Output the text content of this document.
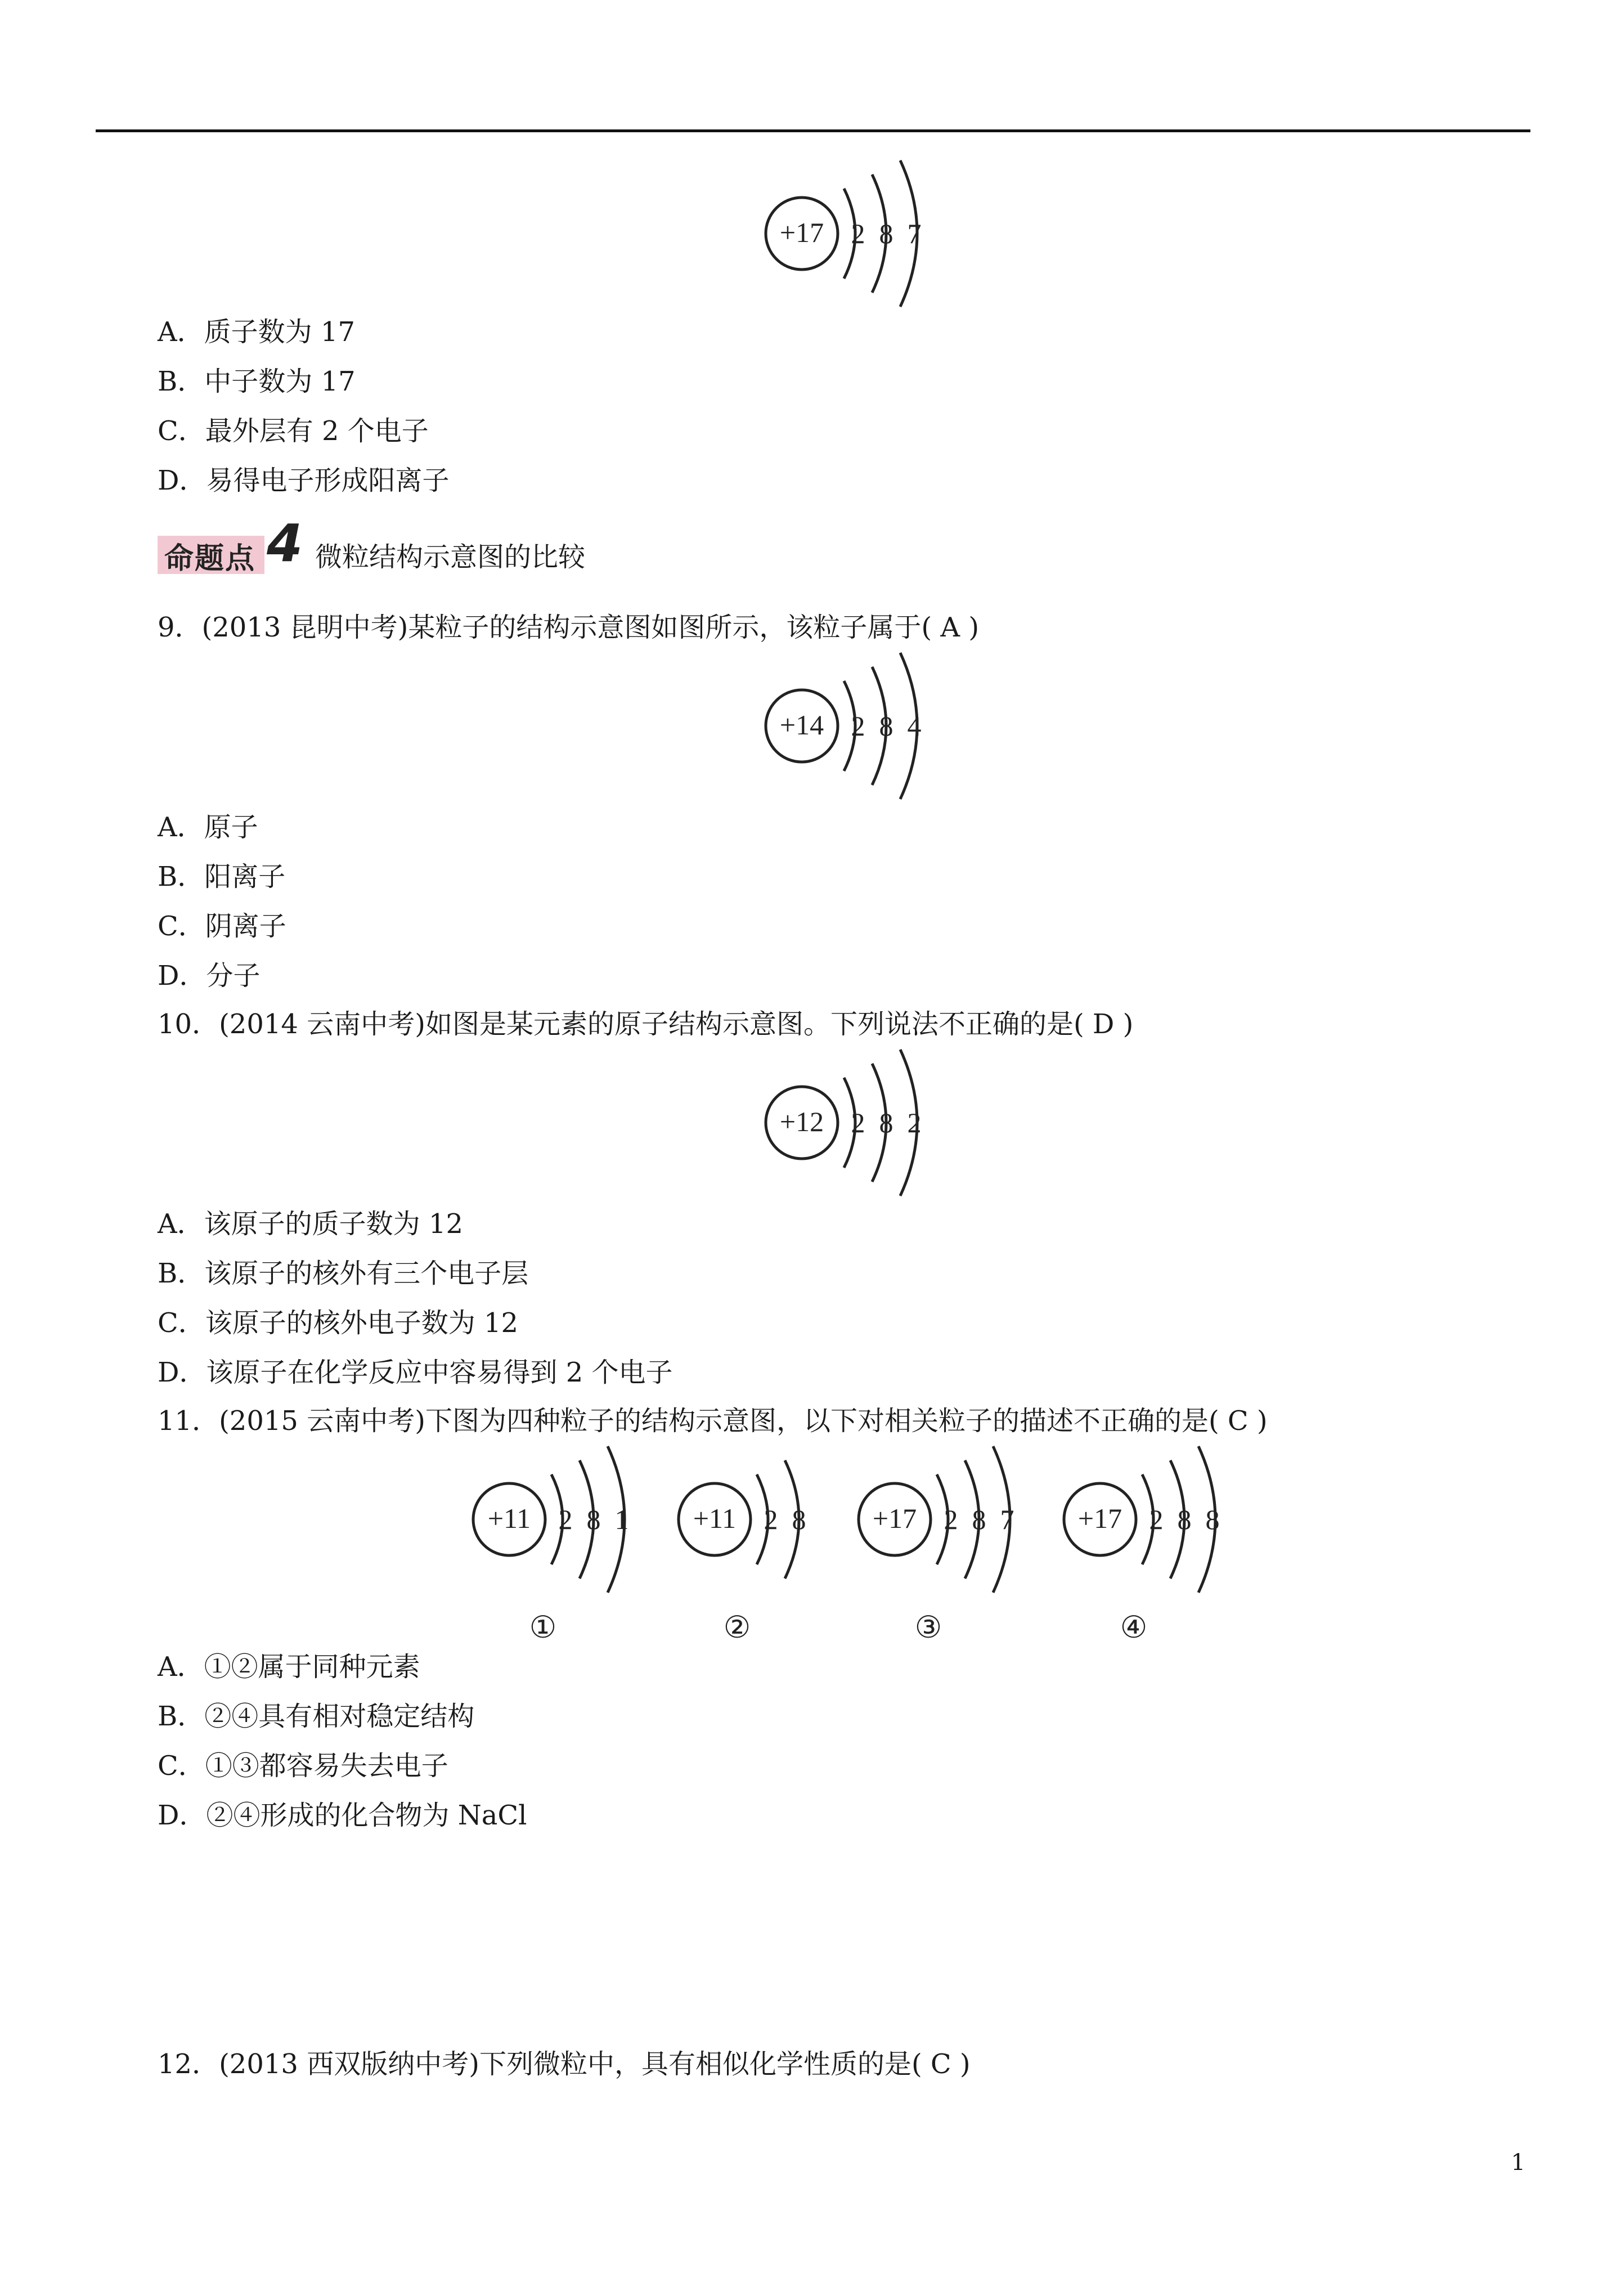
+17 2 8 7
A．质子数为 17
B．中子数为 17
C．最外层有 2 个电子
D．易得电子形成阳离子
命题点 4 微粒结构示意图的比较
9．(2013 昆明中考)某粒子的结构示意图如图所示，该粒子属于( A )
+14 2 8 4
A．原子
B．阳离子
C．阴离子
D．分子
10．(2014 云南中考)如图是某元素的原子结构示意图。下列说法不正确的是( D )
+12 2 8 2
A．该原子的质子数为 12
B．该原子的核外有三个电子层
C．该原子的核外电子数为 12
D．该原子在化学反应中容易得到 2 个电子
11．(2015 云南中考)下图为四种粒子的结构示意图，以下对相关粒子的描述不正确的是( C )
+11 2 8 1
①
+11 2 8
②
+17 2 8 7
③
+17 2 8 8
④
A．①②属于同种元素
B．②④具有相对稳定结构
C．①③都容易失去电子
D．②④形成的化合物为 NaCl
12．(2013 西双版纳中考)下列微粒中，具有相似化学性质的是( C )
1
